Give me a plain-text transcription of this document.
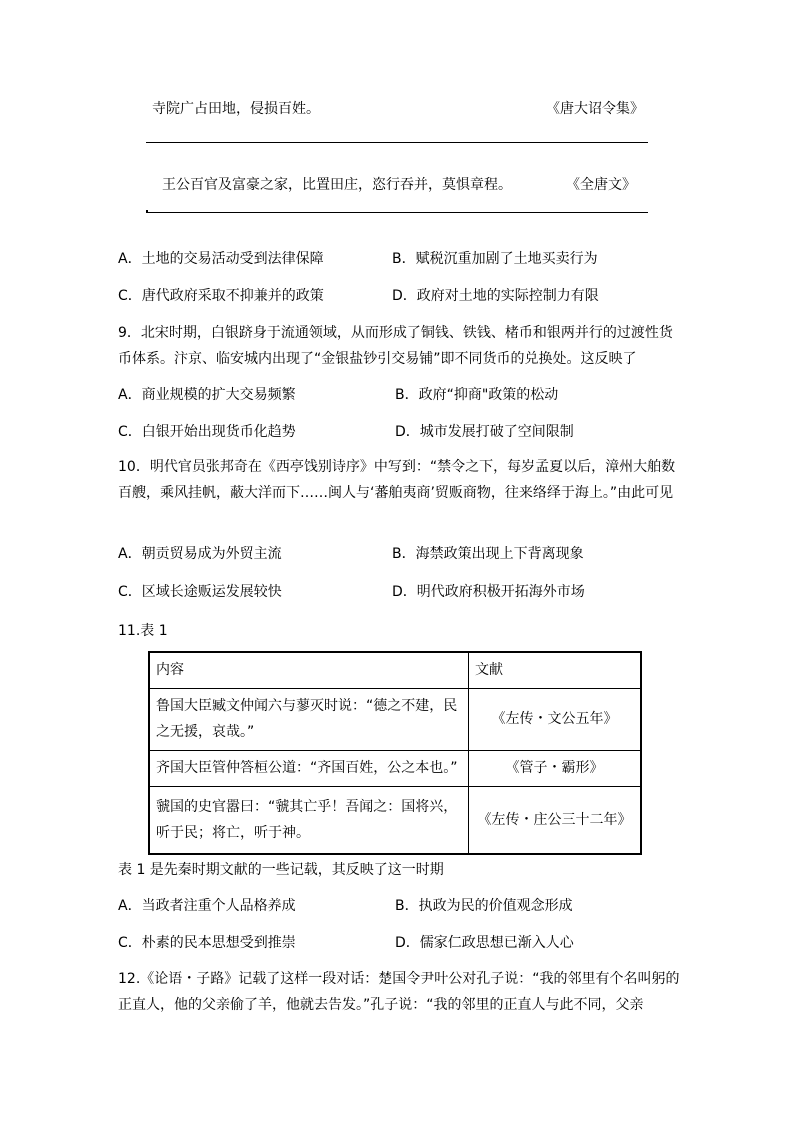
寺院广占田地，侵损百姓。	《唐大诏令集》
王公百官及富豪之家，比置田庄，恣行吞并，莫惧章程。	《全唐文》
A．土地的交易活动受到法律保障	B．赋税沉重加剧了土地买卖行为
C．唐代政府采取不抑兼并的政策	D．政府对土地的实际控制力有限
9．北宋时期，白银跻身于流通领域，从而形成了铜钱、铁钱、楮币和银两并行的过渡性货币体系。汴京、临安城内出现了“金银盐钞引交易铺”即不同货币的兑换处。这反映了
A．商业规模的扩大交易频繁	B．政府“抑商"政策的松动
C．白银开始出现货币化趋势	D．城市发展打破了空间限制
10．明代官员张邦奇在《西亭饯别诗序》中写到：“禁令之下，每岁孟夏以后，漳州大舶数百艘，乘风挂帆，蔽大洋而下……闽人与‘蕃舶夷商’贸贩商物，往来络绎于海上。”由此可见
A．朝贡贸易成为外贸主流	B．海禁政策出现上下背离现象
C．区域长途贩运发展较快	D．明代政府积极开拓海外市场
11.表 1
内容	文献
鲁国大臣臧文仲闻六与蓼灭时说：“德之不建，民之无援，哀哉。”	《左传・文公五年》
齐国大臣管仲答桓公道：“齐国百姓，公之本也。”	《管子・霸形》
虢国的史官嚣曰：“虢其亡乎！吾闻之：国将兴，听于民；将亡，听于神。	《左传・庄公三十二年》
表 1 是先秦时期文献的一些记载，其反映了这一时期
A．当政者注重个人品格养成	B．执政为民的价值观念形成
C．朴素的民本思想受到推崇	D．儒家仁政思想已渐入人心
12.《论语・子路》记载了这样一段对话：楚国令尹叶公对孔子说：“我的邻里有个名叫躬的正直人，他的父亲偷了羊，他就去告发。”孔子说：“我的邻里的正直人与此不同，父亲
